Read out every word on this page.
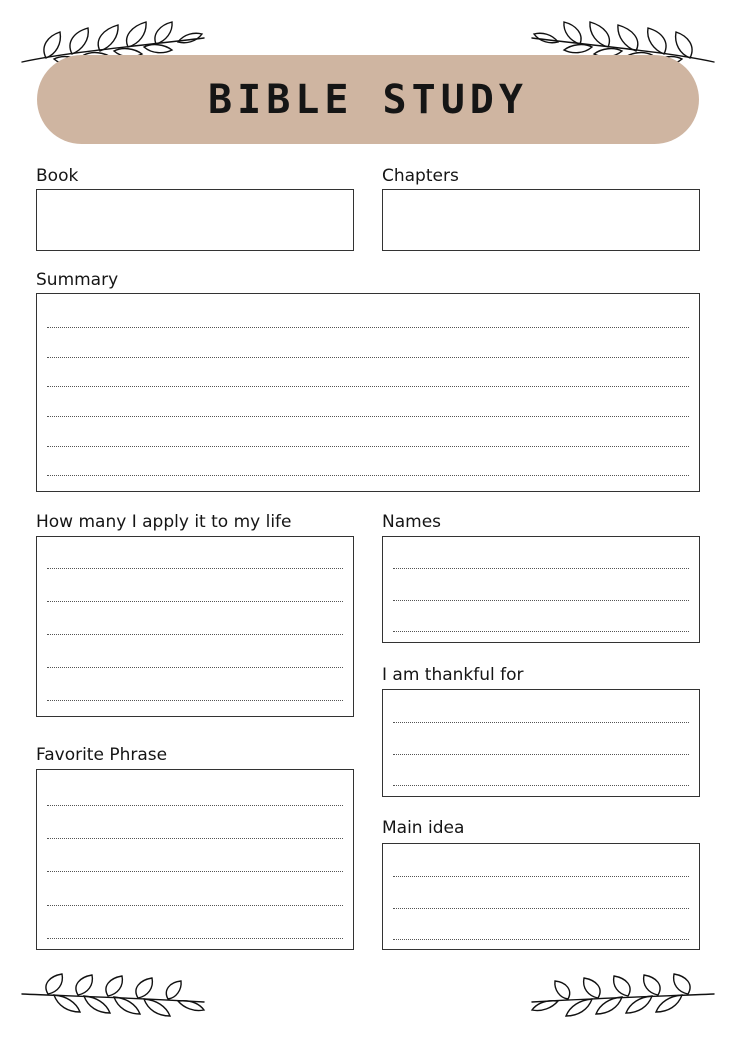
BIBLE STUDY
Book	Chapters
Summary
How many I apply it to my life	Names
I am thankful for
Favorite Phrase
Main idea
